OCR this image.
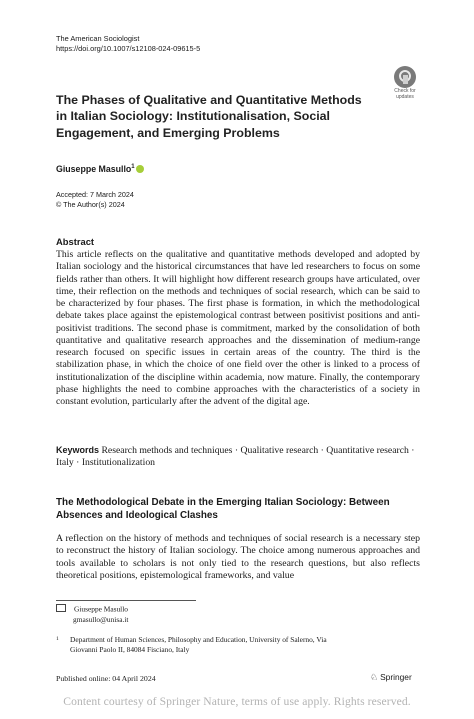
The American Sociologist
https://doi.org/10.1007/s12108-024-09615-5
Check for
updates
The Phases of Qualitative and Quantitative Methods in Italian Sociology: Institutionalisation, Social Engagement, and Emerging Problems
Giuseppe Masullo$^1$
Accepted: 7 March 2024
© The Author(s) 2024
Abstract
This article reflects on the qualitative and quantitative methods developed and adopted by Italian sociology and the historical circumstances that have led researchers to focus on some fields rather than others. It will highlight how different research groups have articulated, over time, their reflection on the methods and techniques of social research, which can be said to be characterized by four phases. The first phase is formation, in which the methodological debate takes place against the epistemological contrast between positivist positions and anti-positivist traditions. The second phase is commitment, marked by the consolidation of both quantitative and qualitative research approaches and the dissemination of medium-range research focused on specific issues in certain areas of the country. The third is the stabilization phase, in which the choice of one field over the other is linked to a process of institutionalization of the discipline within academia, now mature. Finally, the contemporary phase highlights the need to combine approaches with the characteristics of a society in constant evolution, particularly after the advent of the digital age.
Keywords Research methods and techniques · Qualitative research · Quantitative research · Italy · Institutionalization
The Methodological Debate in the Emerging Italian Sociology: Between Absences and Ideological Clashes
A reflection on the history of methods and techniques of social research is a necessary step to reconstruct the history of Italian sociology. The choice among numerous approaches and tools available to scholars is not only tied to the research questions, but also reflects theoretical positions, epistemological frameworks, and value
Giuseppe Masullo
gmasullo@unisa.it
1 Department of Human Sciences, Philosophy and Education, University of Salerno, Via
Giovanni Paolo II, 84084 Fisciano, Italy
Published online: 04 April 2024	♘ Springer
Content courtesy of Springer Nature, terms of use apply. Rights reserved.
